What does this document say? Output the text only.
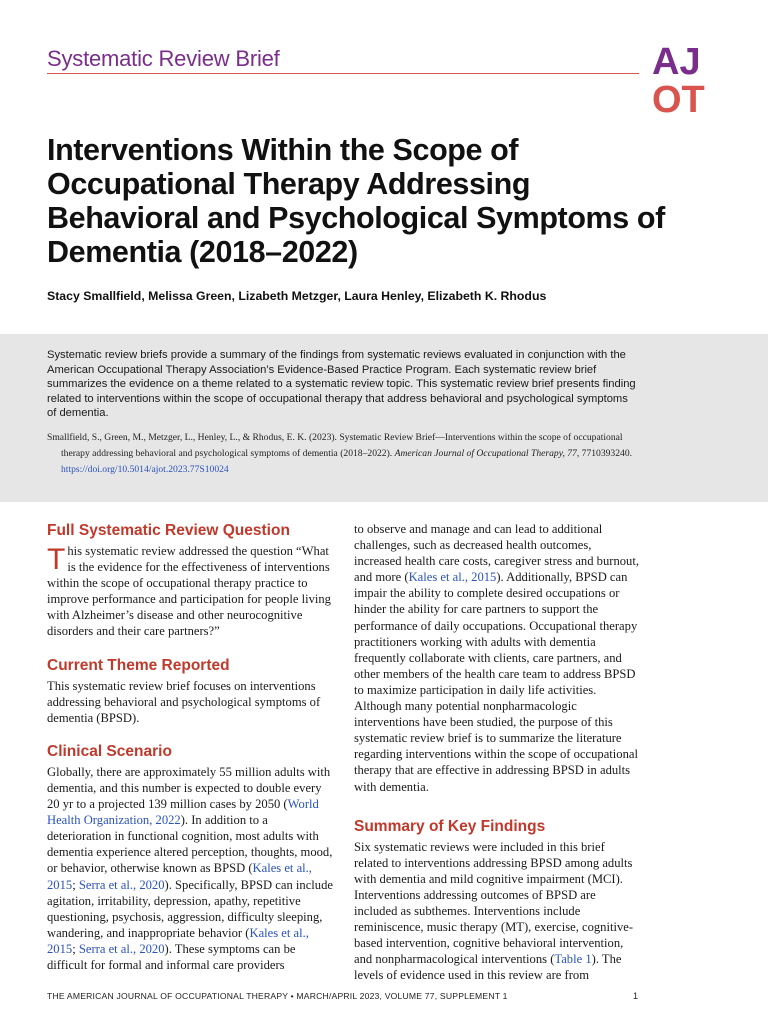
Systematic Review Brief	AJ
OT
Interventions Within the Scope of Occupational Therapy Addressing Behavioral and Psychological Symptoms of Dementia (2018–2022)

Stacy Smallfield, Melissa Green, Lizabeth Metzger, Laura Henley, Elizabeth K. Rhodus

Systematic review briefs provide a summary of the findings from systematic reviews evaluated in conjunction with the American Occupational Therapy Association’s Evidence-Based Practice Program. Each systematic review brief summarizes the evidence on a theme related to a systematic review topic. This systematic review brief presents finding related to interventions within the scope of occupational therapy that address behavioral and psychological symptoms of dementia.

Smallfield, S., Green, M., Metzger, L., Henley, L., & Rhodus, E. K. (2023). Systematic Review Brief—Interventions within the scope of occupational therapy addressing behavioral and psychological symptoms of dementia (2018–2022). American Journal of Occupational Therapy, 77, 7710393240. https://doi.org/10.5014/ajot.2023.77S10024

Full Systematic Review Question

This systematic review addressed the question “What is the evidence for the effectiveness of interventions within the scope of occupational therapy practice to improve performance and participation for people living with Alzheimer’s disease and other neurocognitive disorders and their care partners?”

Current Theme Reported

This systematic review brief focuses on interventions addressing behavioral and psychological symptoms of dementia (BPSD).

Clinical Scenario

Globally, there are approximately 55 million adults with dementia, and this number is expected to double every 20 yr to a projected 139 million cases by 2050 (World Health Organization, 2022). In addition to a deterioration in functional cognition, most adults with dementia experience altered perception, thoughts, mood, or behavior, otherwise known as BPSD (Kales et al., 2015; Serra et al., 2020). Specifically, BPSD can include agitation, irritability, depression, apathy, repetitive questioning, psychosis, aggression, difficulty sleeping, wandering, and inappropriate behavior (Kales et al., 2015; Serra et al., 2020). These symptoms can be difficult for formal and informal care providers

to observe and manage and can lead to additional challenges, such as decreased health outcomes, increased health care costs, caregiver stress and burnout, and more (Kales et al., 2015). Additionally, BPSD can impair the ability to complete desired occupations or hinder the ability for care partners to support the performance of daily occupations. Occupational therapy practitioners working with adults with dementia frequently collaborate with clients, care partners, and other members of the health care team to address BPSD to maximize participation in daily life activities. Although many potential nonpharmacologic interventions have been studied, the purpose of this systematic review brief is to summarize the literature regarding interventions within the scope of occupational therapy that are effective in addressing BPSD in adults with dementia.

Summary of Key Findings

Six systematic reviews were included in this brief related to interventions addressing BPSD among adults with dementia and mild cognitive impairment (MCI). Interventions addressing outcomes of BPSD are included as subthemes. Interventions include reminiscence, music therapy (MT), exercise, cognitive-based intervention, cognitive behavioral intervention, and nonpharmacological interventions (Table 1). The levels of evidence used in this review are from

THE AMERICAN JOURNAL OF OCCUPATIONAL THERAPY • MARCH/APRIL 2023, VOLUME 77, SUPPLEMENT 1	1
